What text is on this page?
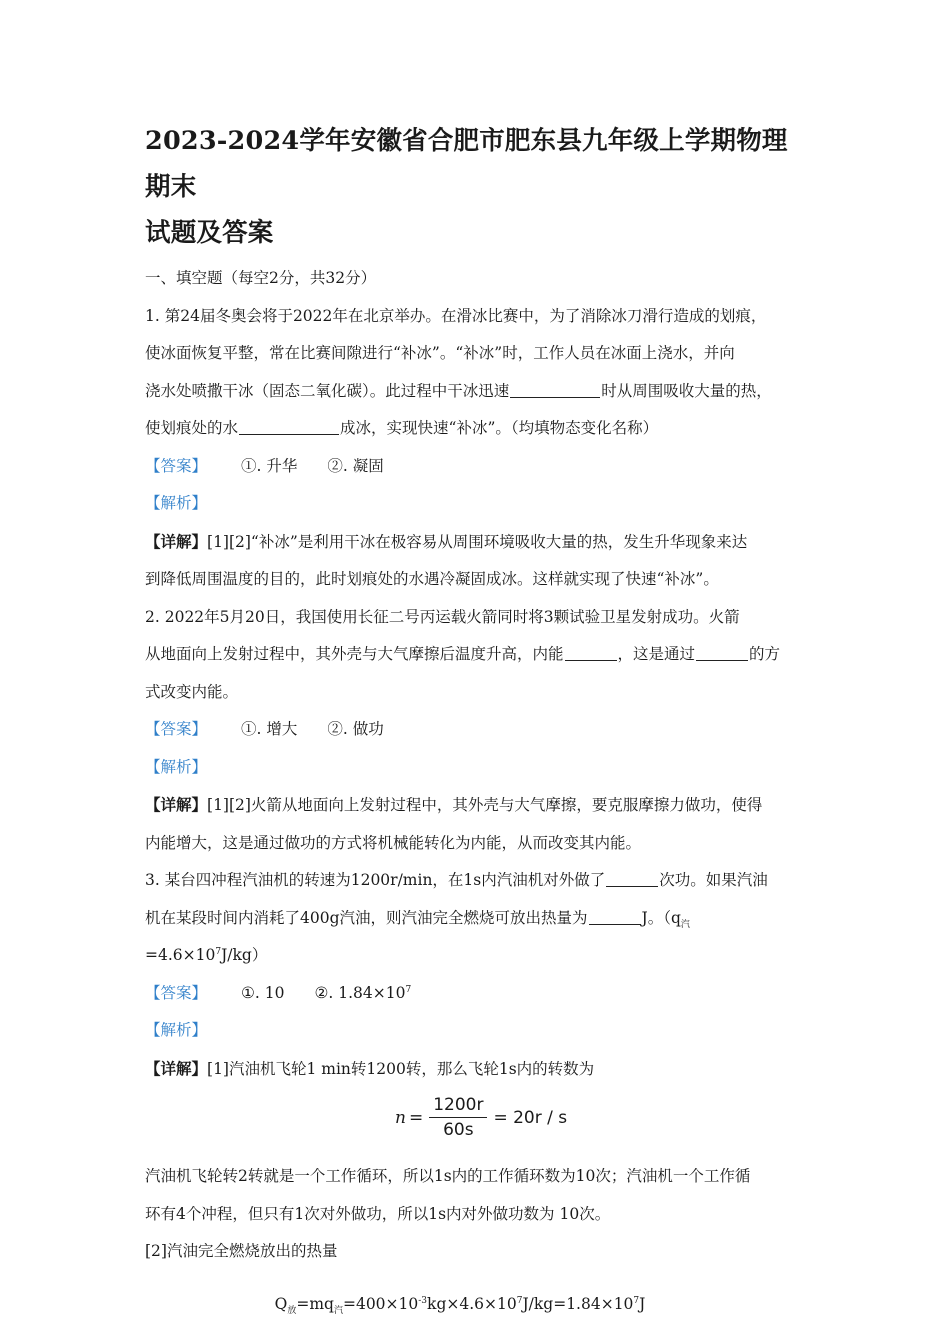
2023-2024学年安徽省合肥市肥东县九年级上学期物理期末
试题及答案

一、填空题（每空2分，共32分）

1. 第24届冬奥会将于2022年在北京举办。在滑冰比赛中，为了消除冰刀滑行造成的划痕，

使冰面恢复平整，常在比赛间隙进行“补冰”。“补冰”时，工作人员在冰面上浇水，并向

浇水处喷撒干冰（固态二氧化碳）。此过程中干冰迅速	时从周围吸收大量的热，

使划痕处的水	成冰，实现快速“补冰”。（均填物态变化名称）

【答案】 ①. 升华 ②. 凝固
【解析】

【详解】[1][2]“补冰”是利用干冰在极容易从周围环境吸收大量的热，发生升华现象来达

到降低周围温度的目的，此时划痕处的水遇冷凝固成冰。这样就实现了快速“补冰”。

2. 2022年5月20日，我国使用长征二号丙运载火箭同时将3颗试验卫星发射成功。火箭

从地面向上发射过程中，其外壳与大气摩擦后温度升高，内能	，这是通过	的方

式改变内能。

【答案】 ①. 增大 ②. 做功
【解析】

【详解】[1][2]火箭从地面向上发射过程中，其外壳与大气摩擦，要克服摩擦力做功，使得

内能增大，这是通过做功的方式将机械能转化为内能，从而改变其内能。

3. 某台四冲程汽油机的转速为1200r/min，在1s内汽油机对外做了	次功。如果汽油

机在某段时间内消耗了400g汽油，则汽油完全燃烧可放出热量为	J。（$q_汽$

$=4.6\times 10^7J/kg$）

【答案】 ①. 10 ②. $1.84\times 10^7$
【解析】

【详解】[1]汽油机飞轮1 min转1200转，那么飞轮1s内的转数为

$n = \frac{1200r}{60s} = 20r / s$

汽油机飞轮转2转就是一个工作循环，所以1s内的工作循环数为10次；汽油机一个工作循

环有4个冲程，但只有1次对外做功，所以1s内对外做功数为 10次。

[2]汽油完全燃烧放出的热量

$Q_放=mq_汽=400\times 10^{-3}kg\times 4.6\times 10^7J/kg=1.84\times 10^7J$
